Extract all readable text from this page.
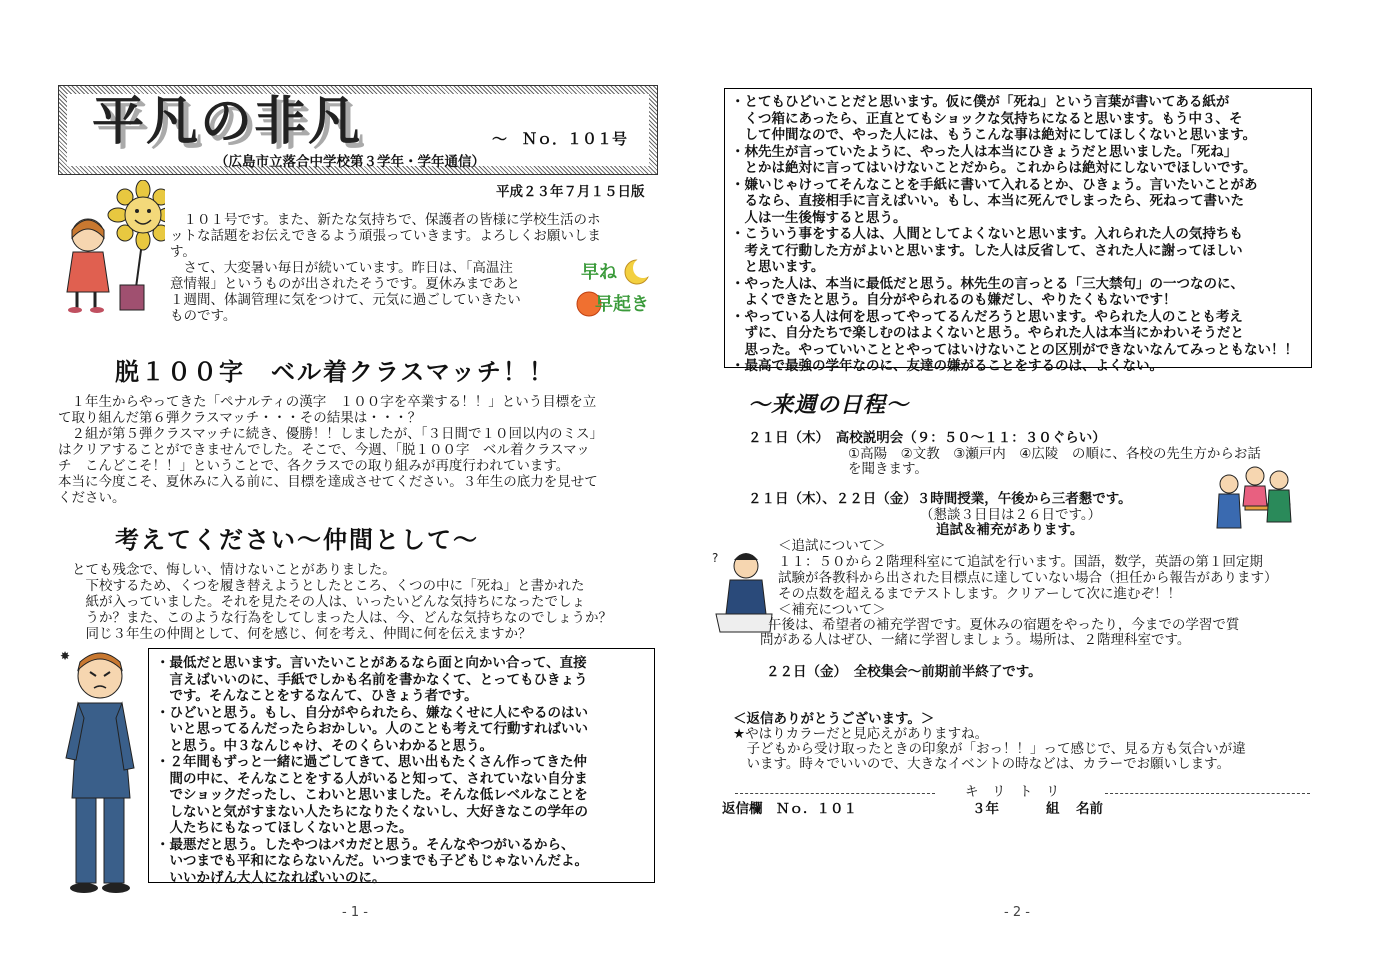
平凡の非凡	～　Ｎｏ．１０１号
（広島市立落合中学校第３学年・学年通信）
平成２３年７月１５日版
　１０１号です。また、新たな気持ちで、保護者の皆様に学校生活のホ
ットな話題をお伝えできるよう頑張っていきます。よろしくお願いしま
す。
　さて、大変暑い毎日が続いています。昨日は、「高温注
意情報」というものが出されたそうです。夏休みまであと
１週間、体調管理に気をつけて、元気に過ごしていきたい
ものです。
早ね
早起き
脱１００字　ベル着クラスマッチ！！
　１年生からやってきた「ペナルティの漢字　１００字を卒業する！！」という目標を立
て取り組んだ第６弾クラスマッチ・・・その結果は・・・？
　２組が第５弾クラスマッチに続き、優勝！！しましたが、「３日間で１０回以内のミス」
はクリアすることができませんでした。そこで、今週、「脱１００字　ベル着クラスマッ
チ　こんどこそ！！」ということで、各クラスでの取り組みが再度行われています。
本当に今度こそ、夏休みに入る前に、目標を達成させてください。３年生の底力を見せて
ください。
考えてください～仲間として～
とても残念で、悔しい、情けないことがありました。
　下校するため、くつを履き替えようとしたところ、くつの中に「死ね」と書かれた
　紙が入っていました。それを見たその人は、いったいどんな気持ちになったでしょ
　うか？また、このような行為をしてしまった人は、今、どんな気持ちなのでしょうか？
　同じ３年生の仲間として、何を感じ、何を考え、仲間に何を伝えますか？
✸	・最低だと思います。言いたいことがあるなら面と向かい合って、直接
　言えばいいのに、手紙でしかも名前を書かなくて、とってもひきょう
　です。そんなことをするなんて、ひきょう者です。
・ひどいと思う。もし、自分がやられたら、嫌なくせに人にやるのはい
　いと思ってるんだったらおかしい。人のことも考えて行動すればいい
　と思う。中３なんじゃけ、そのくらいわかると思う。
・２年間もずっと一緒に過ごしてきて、思い出もたくさん作ってきた仲
　間の中に、そんなことをする人がいると知って、されていない自分ま
　でショックだったし、こわいと思いました。そんな低レベルなことを
　しないと気がすまない人たちになりたくないし、大好きなこの学年の
　人たちにもなってほしくないと思った。
・最悪だと思う。したやつはバカだと思う。そんなやつがいるから、
　いつまでも平和にならないんだ。いつまでも子どもじゃないんだよ。
　いいかげん大人になればいいのに。
- 1 -
・とてもひどいことだと思います。仮に僕が「死ね」という言葉が書いてある紙が
　くつ箱にあったら、正直とてもショックな気持ちになると思います。もう中３、そ
　して仲間なので、やった人には、もうこんな事は絶対にしてほしくないと思います。
・林先生が言っていたように、やった人は本当にひきょうだと思いました。「死ね」
　とかは絶対に言ってはいけないことだから。これからは絶対にしないでほしいです。
・嫌いじゃけってそんなことを手紙に書いて入れるとか、ひきょう。言いたいことがあ
　るなら、直接相手に言えばいい。もし、本当に死んでしまったら、死ねって書いた
　人は一生後悔すると思う。
・こういう事をする人は、人間としてよくないと思います。入れられた人の気持ちも
　考えて行動した方がよいと思います。した人は反省して、された人に謝ってほしい
　と思います。
・やった人は、本当に最低だと思う。林先生の言っとる「三大禁句」の一つなのに、
　よくできたと思う。自分がやられるのも嫌だし、やりたくもないです！
・やっている人は何を思ってやってるんだろうと思います。やられた人のことも考え
　ずに、自分たちで楽しむのはよくないと思う。やられた人は本当にかわいそうだと
　思った。やっていいこととやってはいけないことの区別ができないなんてみっともない！！
・最高で最強の学年なのに、友達の嫌がることをするのは、よくない。
～来週の日程～
２１日（木）　高校説明会（９：５０～１１：３０ぐらい）
①高陽　②文教　③瀬戸内　④広陵　の順に、各校の先生方からお話
を聞きます。
２１日（木）、２２日（金）３時間授業，午後から三者懇です。
（懇談３日目は２６日です。）
追試＆補充があります。
?
＜追試について＞
１１：５０から２階理科室にて追試を行います。国語，数学，英語の第１回定期
試験が各教科から出された目標点に達していない場合（担任から報告があります）
その点数を超えるまでテストします。クリアーして次に進むぞ！！
＜補充について＞
午後は、希望者の補充学習です。夏休みの宿題をやったり，今までの学習で質
問がある人はぜひ、一緒に学習しましょう。場所は、２階理科室です。
２２日（金）　全校集会～前期前半終了です。
＜返信ありがとうございます。＞
★やはりカラーだと見応えがありますね。
　子どもから受け取ったときの印象が「おっ！！」って感じで、見る方も気合いが違
　います。時々でいいので、大きなイベントの時などは、カラーでお願いします。
キ　リ　ト　リ
返信欄　Ｎｏ．１０１	３年	組 名前
- 2 -
